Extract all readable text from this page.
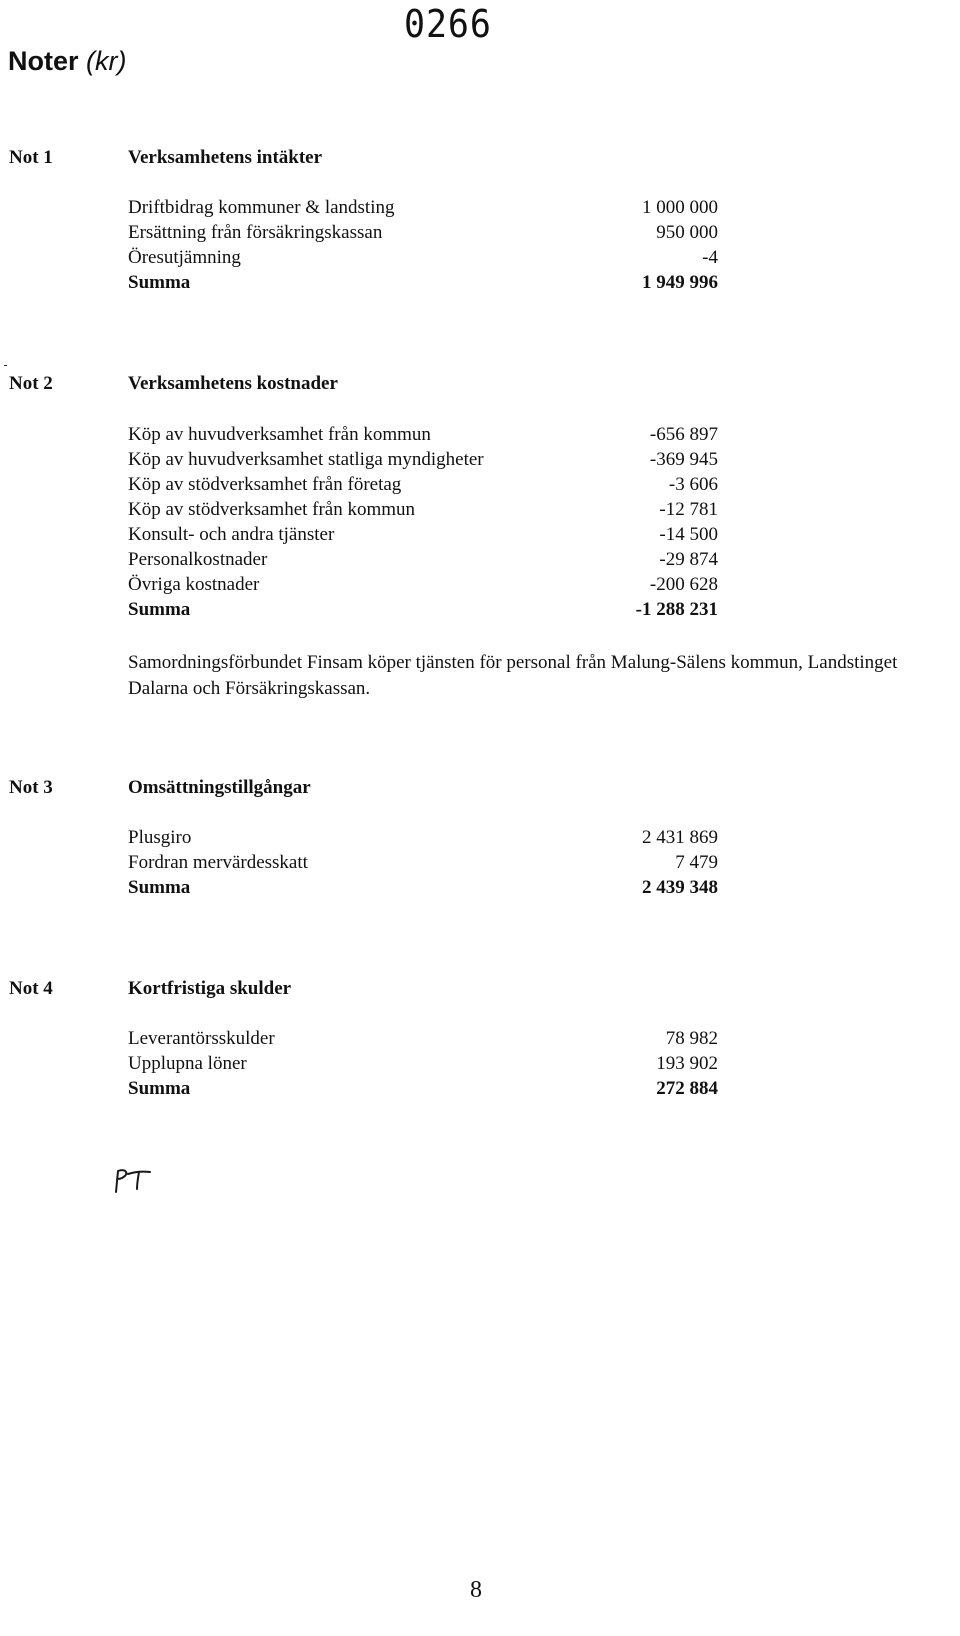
0266
Noter (kr)
Not 1	Verksamhetens intäkter
Driftbidrag kommuner & landsting	1 000 000
Ersättning från försäkringskassan	950 000
Öresutjämning	-4
Summa	1 949 996
Not 2	Verksamhetens kostnader
Köp av huvudverksamhet från kommun	-656 897
Köp av huvudverksamhet statliga myndigheter	-369 945
Köp av stödverksamhet från företag	-3 606
Köp av stödverksamhet från kommun	-12 781
Konsult- och andra tjänster	-14 500
Personalkostnader	-29 874
Övriga kostnader	-200 628
Summa	-1 288 231
Samordningsförbundet Finsam köper tjänsten för personal från Malung-Sälens kommun, Landstinget Dalarna och Försäkringskassan.
Not 3	Omsättningstillgångar
Plusgiro	2 431 869
Fordran mervärdesskatt	7 479
Summa	2 439 348
Not 4	Kortfristiga skulder
Leverantörsskulder	78 982
Upplupna löner	193 902
Summa	272 884
8
